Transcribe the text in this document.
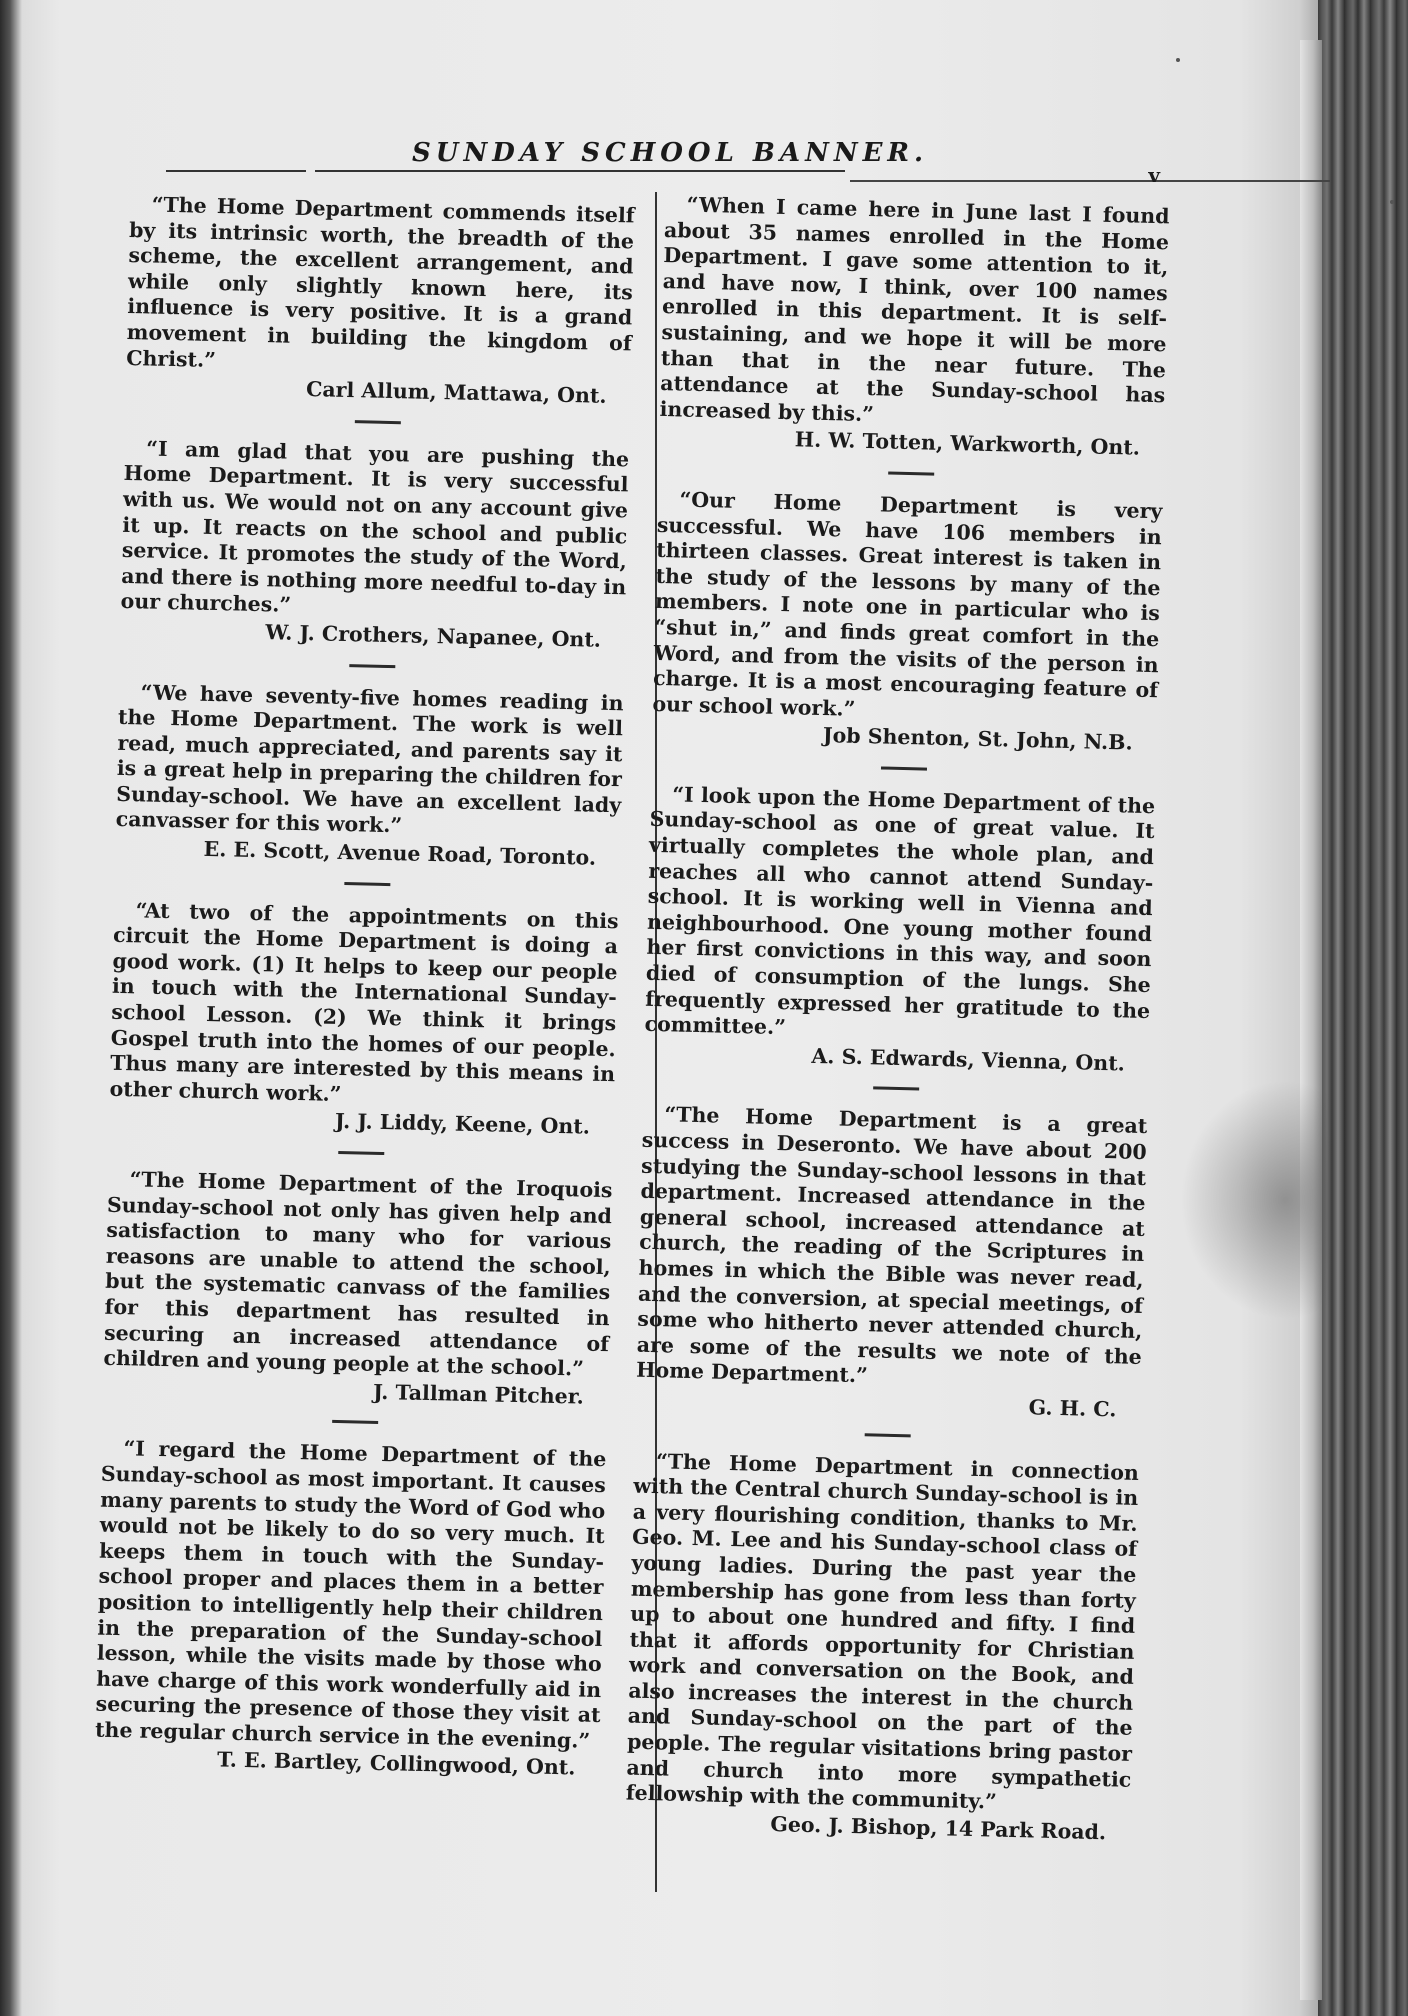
SUNDAY SCHOOL BANNER.
v

“The Home Department commends itself by its intrinsic worth, the breadth of the scheme, the excellent arrangement, and while only slightly known here, its influence is very positive. It is a grand movement in building the kingdom of Christ.”

Carl Allum, Mattawa, Ont.

“I am glad that you are pushing the Home Department. It is very successful with us. We would not on any account give it up. It reacts on the school and public service. It promotes the study of the Word, and there is nothing more needful to-day in our churches.”

W. J. Crothers, Napanee, Ont.

“We have seventy-five homes reading in the Home Department. The work is well read, much appreciated, and parents say it is a great help in preparing the children for Sunday-school. We have an excellent lady canvasser for this work.”

E. E. Scott, Avenue Road, Toronto.

“At two of the appointments on this circuit the Home Department is doing a good work. (1) It helps to keep our people in touch with the International Sunday-school Lesson. (2) We think it brings Gospel truth into the homes of our people. Thus many are interested by this means in other church work.”

J. J. Liddy, Keene, Ont.

“The Home Department of the Iroquois Sunday-school not only has given help and satisfaction to many who for various reasons are unable to attend the school, but the systematic canvass of the families for this department has resulted in securing an increased attendance of children and young people at the school.”

J. Tallman Pitcher.

“I regard the Home Department of the Sunday-school as most important. It causes many parents to study the Word of God who would not be likely to do so very much. It keeps them in touch with the Sunday-school proper and places them in a better position to intelligently help their children in the preparation of the Sunday-school lesson, while the visits made by those who have charge of this work wonderfully aid in securing the presence of those they visit at the regular church service in the evening.”

T. E. Bartley, Collingwood, Ont.

“When I came here in June last I found about 35 names enrolled in the Home Department. I gave some attention to it, and have now, I think, over 100 names enrolled in this department. It is self-sustaining, and we hope it will be more than that in the near future. The attendance at the Sunday-school has increased by this.”

H. W. Totten, Warkworth, Ont.

“Our Home Department is very successful. We have 106 members in thirteen classes. Great interest is taken in the study of the lessons by many of the members. I note one in particular who is “shut in,” and finds great comfort in the Word, and from the visits of the person in charge. It is a most encouraging feature of our school work.”

Job Shenton, St. John, N.B.

“I look upon the Home Department of the Sunday-school as one of great value. It virtually completes the whole plan, and reaches all who cannot attend Sunday-school. It is working well in Vienna and neighbourhood. One young mother found her first convictions in this way, and soon died of consumption of the lungs. She frequently expressed her gratitude to the committee.”

A. S. Edwards, Vienna, Ont.

“The Home Department is a great success in Deseronto. We have about 200 studying the Sunday-school lessons in that department. Increased attendance in the general school, increased attendance at church, the reading of the Scriptures in homes in which the Bible was never read, and the conversion, at special meetings, of some who hitherto never attended church, are some of the results we note of the Home Department.”

G. H. C.

“The Home Department in connection with the Central church Sunday-school is in a very flourishing condition, thanks to Mr. Geo. M. Lee and his Sunday-school class of young ladies. During the past year the membership has gone from less than forty up to about one hundred and fifty. I find that it affords opportunity for Christian work and conversation on the Book, and also increases the interest in the church and Sunday-school on the part of the people. The regular visitations bring pastor and church into more sympathetic fellowship with the community.”

Geo. J. Bishop, 14 Park Road.
